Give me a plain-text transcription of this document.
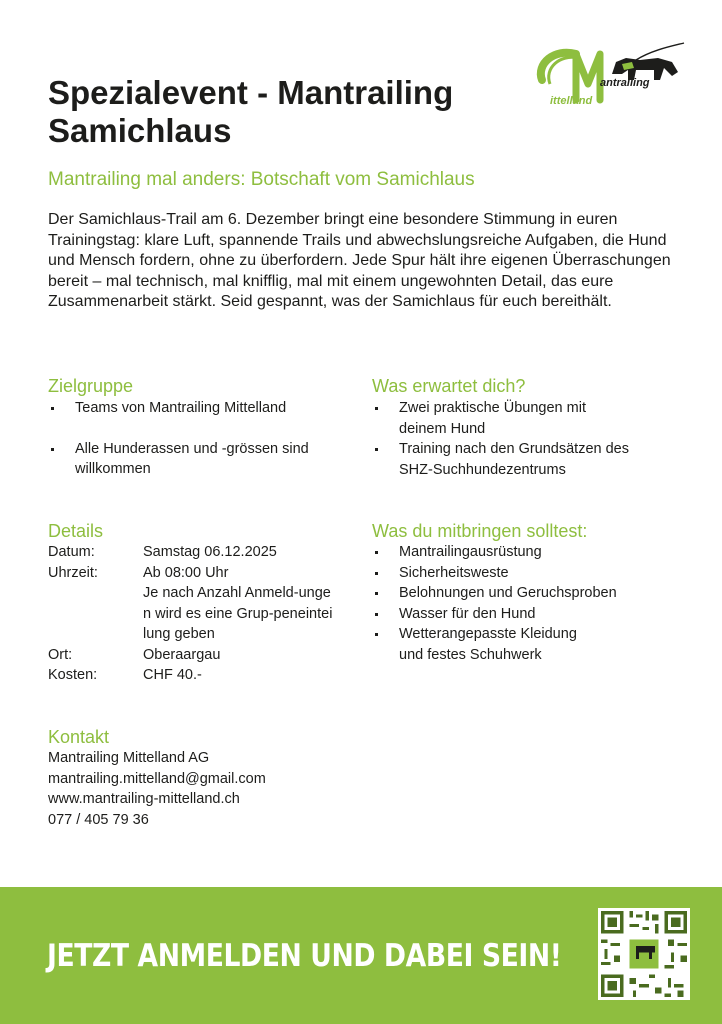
Spezialevent - Mantrailing
Samichlaus
antrailing
ittelland
Mantrailing mal anders: Botschaft vom Samichlaus

Der Samichlaus-Trail am 6. Dezember bringt eine besondere Stimmung in euren Trainingstag: klare Luft, spannende Trails und abwechslungsreiche Aufgaben, die Hund und Mensch fordern, ohne zu überfordern. Jede Spur hält ihre eigenen Überraschungen bereit – mal technisch, mal knifflig, mal mit einem ungewohnten Detail, das eure Zusammenarbeit stärkt. Seid gespannt, was der Samichlaus für euch bereithält.

Zielgruppe
Teams von Mantrailing Mittelland
Alle Hunderassen und -grössen sind willkommen
Was erwartet dich?
Zwei praktische Übungen mit deinem Hund
Training nach den Grundsätzen des SHZ-Suchhundezentrums
Details
Datum:	Samstag 06.12.2025
Uhrzeit:	Ab 08:00 Uhr
Je nach Anzahl Anmeld-ungen wird es eine Grup-peneinteilung geben
Ort:	Oberaargau
Kosten:	CHF 40.-
Was du mitbringen solltest:
Mantrailingausrüstung
Sicherheitsweste
Belohnungen und Geruchsproben
Wasser für den Hund
Wetterangepasste Kleidung und festes Schuhwerk
Kontakt
Mantrailing Mittelland AG
mantrailing.mittelland@gmail.com
www.mantrailing-mittelland.ch
077 / 405 79 36

JETZT ANMELDEN UND DABEI SEIN!
